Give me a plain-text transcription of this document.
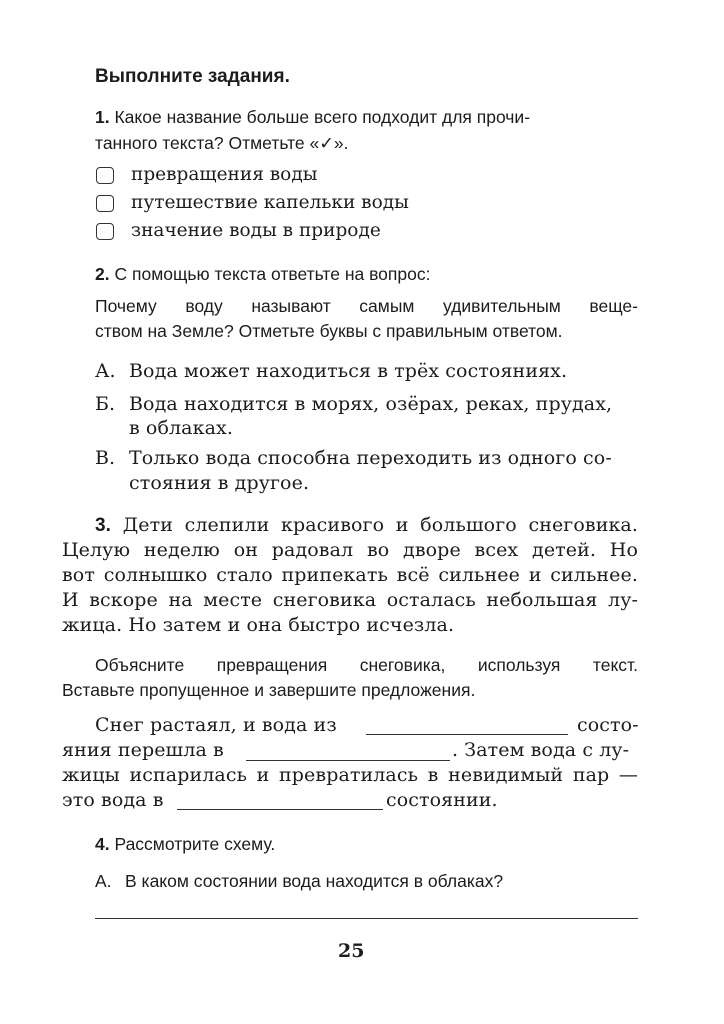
Выполните задания.
1. Какое название больше всего подходит для прочи-
танного текста? Отметьте «✓».
превращения воды
путешествие капельки воды
значение воды в природе
2. С помощью текста ответьте на вопрос:
Почему воду называют самым удивительным веще-
ством на Земле? Отметьте буквы с правильным ответом.
А. Вода может находиться в трёх состояниях.
Б. Вода находится в морях, озёрах, реках, прудах,
в облаках.
В. Только вода способна переходить из одного со-
стояния в другое.
3. Дети слепили красивого и большого снеговика.
Целую неделю он радовал во дворе всех детей. Но
вот солнышко стало припекать всё сильнее и сильнее.
И вскоре на месте снеговика осталась небольшая лу-
жица. Но затем и она быстро исчезла.
Объясните превращения снеговика, используя текст.
Вставьте пропущенное и завершите предложения.
Снег растаял, и вода из	состо-
яния перешла в	. Затем вода с лу-
жицы испарилась и превратилась в невидимый пар —
это вода в	состоянии.
4. Рассмотрите схему.
А. В каком состоянии вода находится в облаках?
25
